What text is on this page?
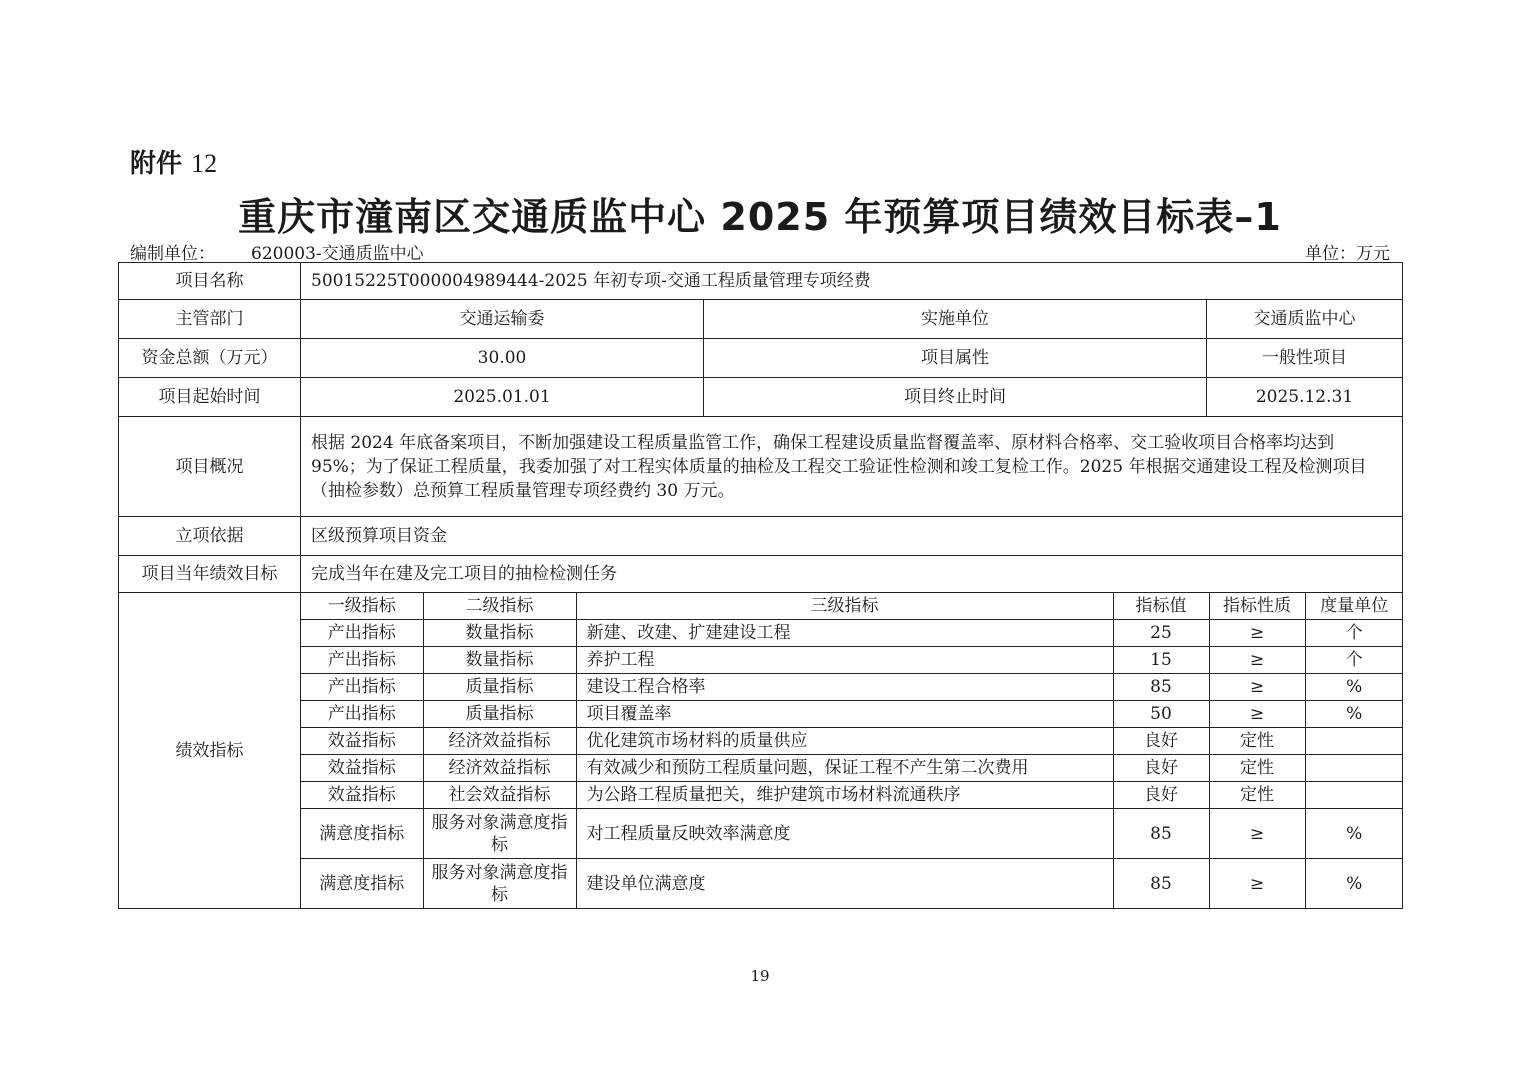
附件 12
重庆市潼南区交通质监中心 2025 年预算项目绩效目标表–1
编制单位： 620003-交通质监中心	单位：万元
项目名称	50015225T000004989444-2025 年初专项-交通工程质量管理专项经费
主管部门	交通运输委	实施单位	交通质监中心
资金总额（万元）	30.00	项目属性	一般性项目
项目起始时间	2025.01.01	项目终止时间	2025.12.31
项目概况	根据 2024 年底备案项目，不断加强建设工程质量监管工作，确保工程建设质量监督覆盖率、原材料合格率、交工验收项目合格率均达到 95%；为了保证工程质量，我委加强了对工程实体质量的抽检及工程交工验证性检测和竣工复检工作。2025 年根据交通建设工程及检测项目（抽检参数）总预算工程质量管理专项经费约 30 万元。
立项依据	区级预算项目资金
项目当年绩效目标	完成当年在建及完工项目的抽检检测任务
绩效指标	
一级指标	二级指标	三级指标	指标值	指标性质	度量单位
产出指标	数量指标	新建、改建、扩建建设工程	25	≥	个
产出指标	数量指标	养护工程	15	≥	个
产出指标	质量指标	建设工程合格率	85	≥	%
产出指标	质量指标	项目覆盖率	50	≥	%
效益指标	经济效益指标	优化建筑市场材料的质量供应	良好	定性	
效益指标	经济效益指标	有效减少和预防工程质量问题，保证工程不产生第二次费用	良好	定性	
效益指标	社会效益指标	为公路工程质量把关，维护建筑市场材料流通秩序	良好	定性	
满意度指标	服务对象满意度指标	对工程质量反映效率满意度	85	≥	%
满意度指标	服务对象满意度指标	建设单位满意度	85	≥	%
19
